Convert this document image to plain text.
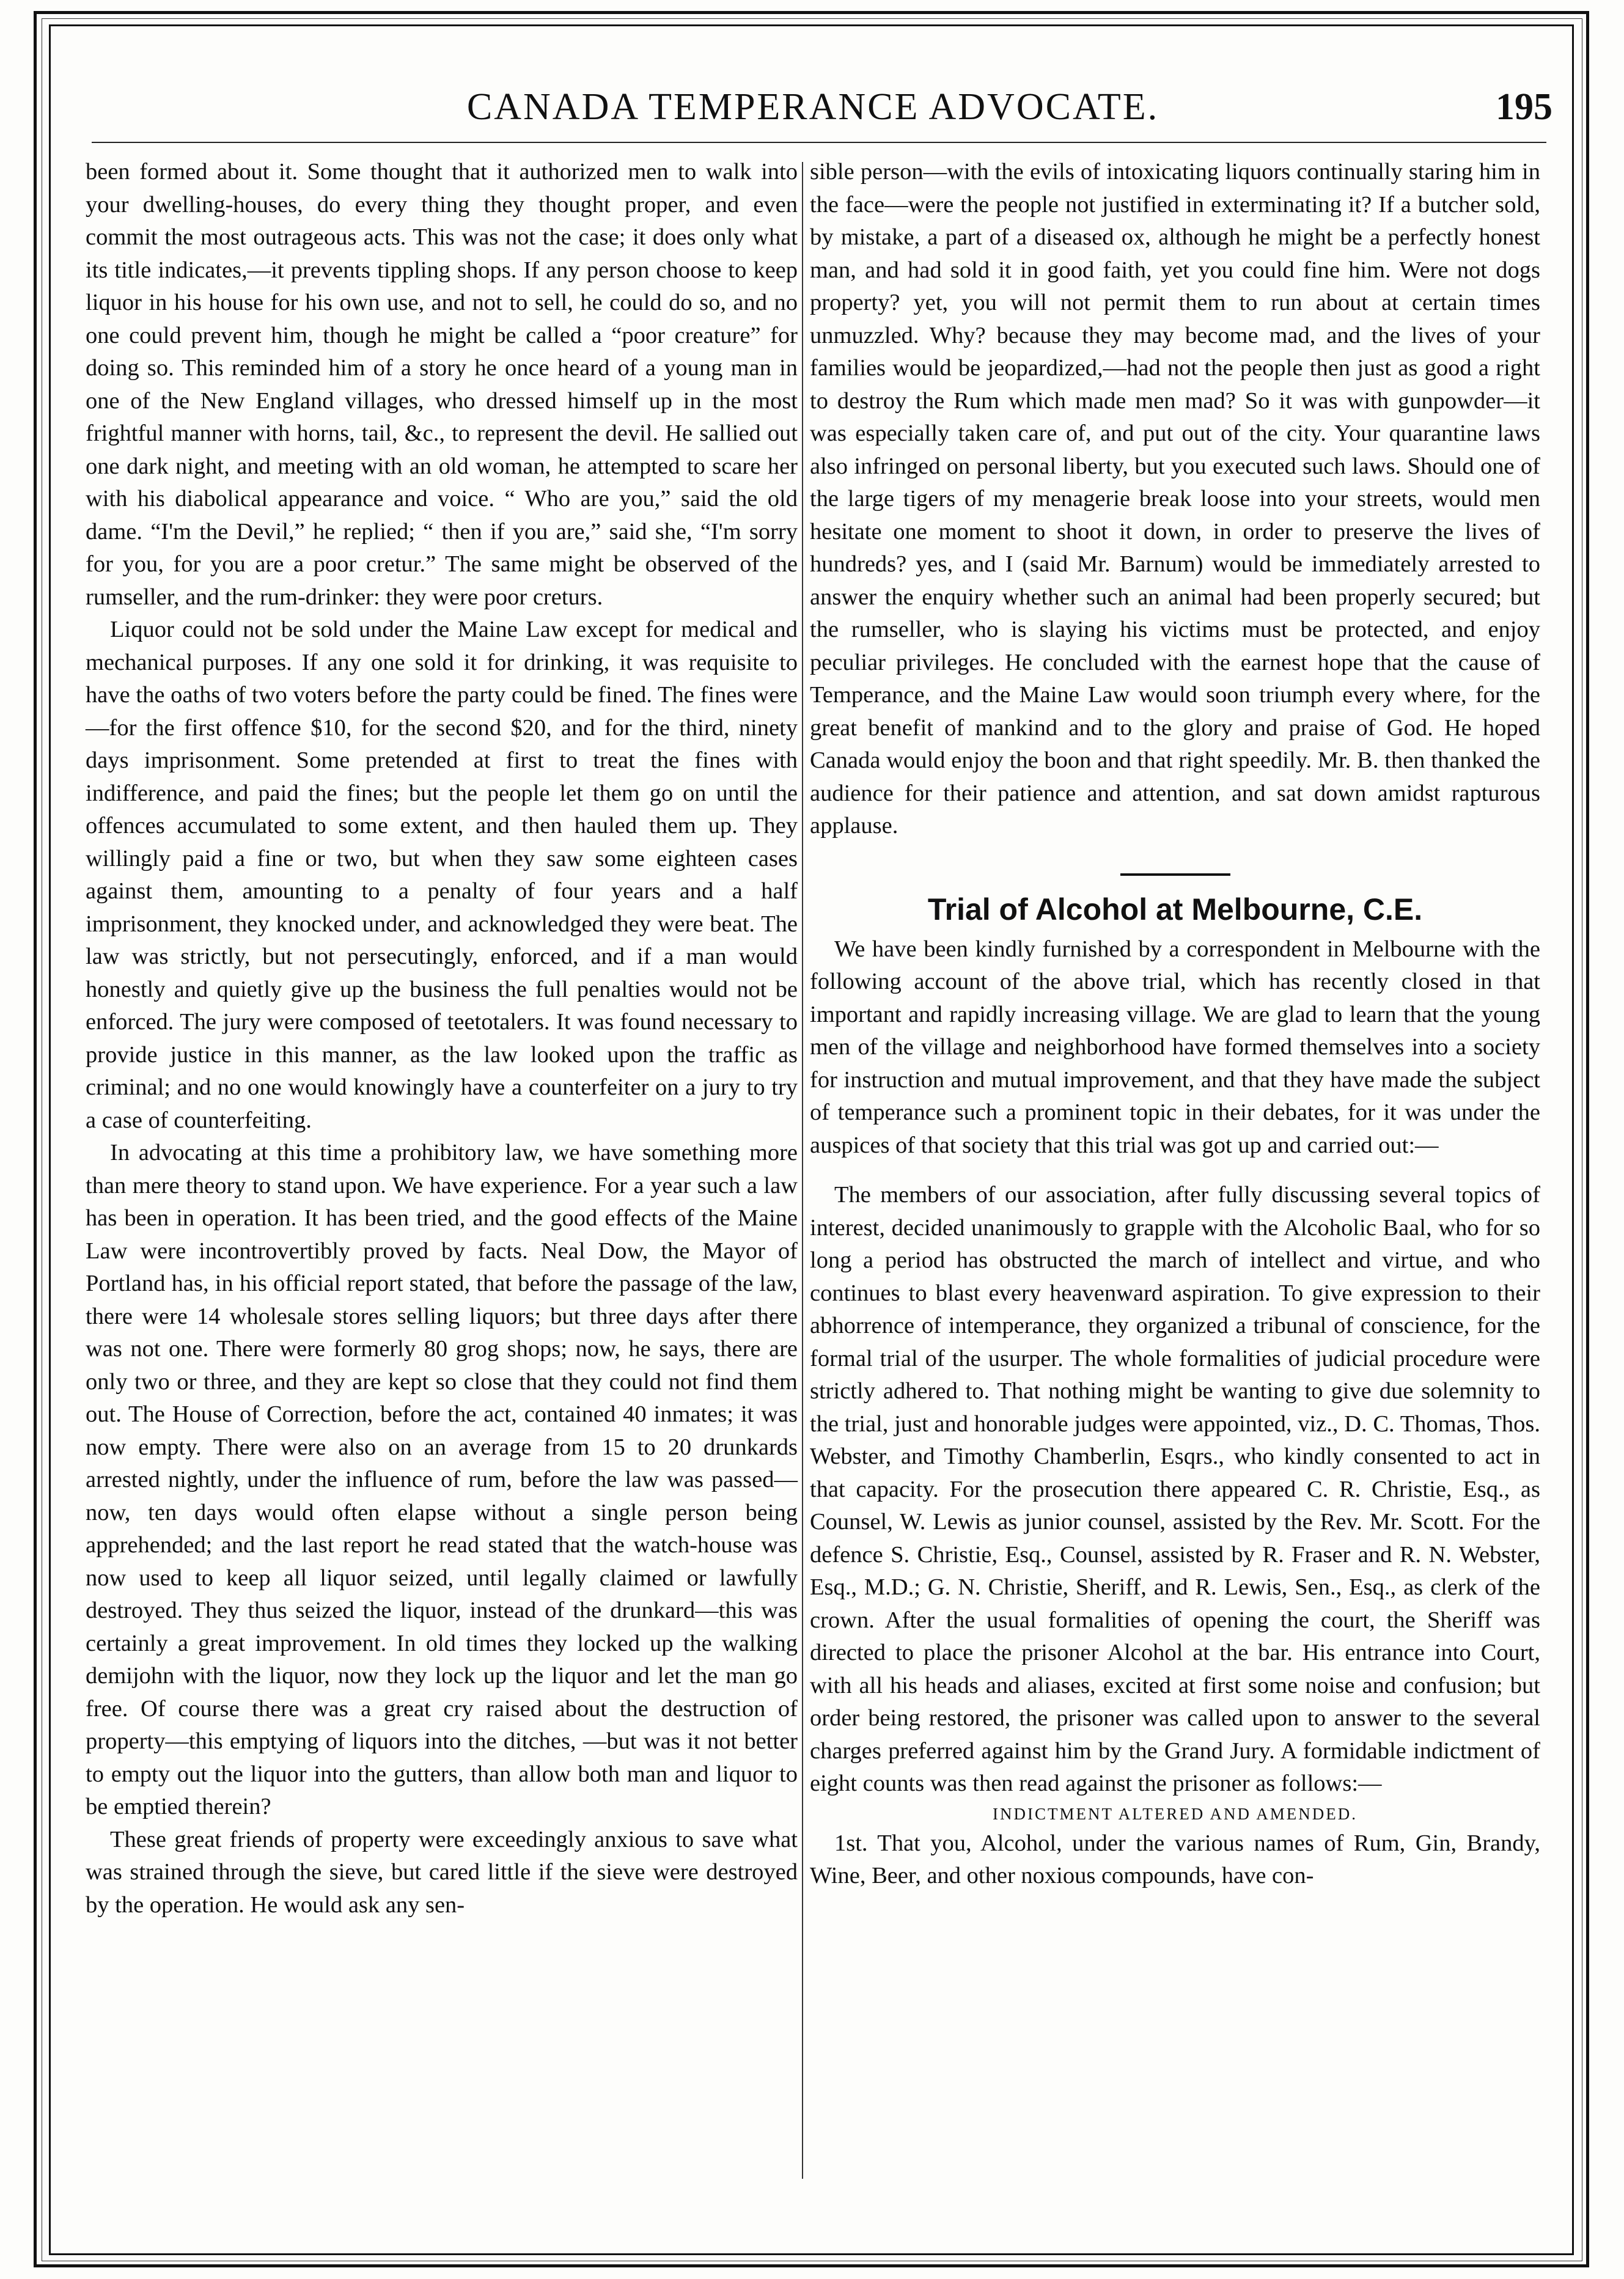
CANADA TEMPERANCE ADVOCATE.	195

been formed about it. Some thought that it authorized men to walk into your dwelling-houses, do every thing they thought proper, and even commit the most outrageous acts. This was not the case; it does only what its title indicates,—it prevents tippling shops. If any person choose to keep liquor in his house for his own use, and not to sell, he could do so, and no one could prevent him, though he might be called a “poor creature” for doing so. This reminded him of a story he once heard of a young man in one of the New England villages, who dressed himself up in the most frightful manner with horns, tail, &c., to represent the devil. He sallied out one dark night, and meeting with an old woman, he attempted to scare her with his diabolical appearance and voice. “ Who are you,” said the old dame. “I'm the Devil,” he replied; “ then if you are,” said she, “I'm sorry for you, for you are a poor cretur.” The same might be observed of the rumseller, and the rum-drinker: they were poor creturs.

Liquor could not be sold under the Maine Law except for medical and mechanical purposes. If any one sold it for drinking, it was requisite to have the oaths of two voters before the party could be fined. The fines were—for the first offence $10, for the second $20, and for the third, ninety days imprisonment. Some pretended at first to treat the fines with indifference, and paid the fines; but the people let them go on until the offences accumulated to some extent, and then hauled them up. They willingly paid a fine or two, but when they saw some eighteen cases against them, amounting to a penalty of four years and a half imprisonment, they knocked under, and acknowledged they were beat. The law was strictly, but not persecutingly, enforced, and if a man would honestly and quietly give up the business the full penalties would not be enforced. The jury were composed of teetotalers. It was found necessary to provide justice in this manner, as the law looked upon the traffic as criminal; and no one would knowingly have a counterfeiter on a jury to try a case of counterfeiting.

In advocating at this time a prohibitory law, we have something more than mere theory to stand upon. We have experience. For a year such a law has been in operation. It has been tried, and the good effects of the Maine Law were incontrovertibly proved by facts. Neal Dow, the Mayor of Portland has, in his official report stated, that before the passage of the law, there were 14 wholesale stores selling liquors; but three days after there was not one. There were formerly 80 grog shops; now, he says, there are only two or three, and they are kept so close that they could not find them out. The House of Correction, before the act, contained 40 inmates; it was now empty. There were also on an average from 15 to 20 drunkards arrested nightly, under the influence of rum, before the law was passed—now, ten days would often elapse without a single person being apprehended; and the last report he read stated that the watch-house was now used to keep all liquor seized, until legally claimed or lawfully destroyed. They thus seized the liquor, instead of the drunkard—this was certainly a great improvement. In old times they locked up the walking demijohn with the liquor, now they lock up the liquor and let the man go free. Of course there was a great cry raised about the destruction of property—this emptying of liquors into the ditches, —but was it not better to empty out the liquor into the gutters, than allow both man and liquor to be emptied therein?

These great friends of property were exceedingly anxious to save what was strained through the sieve, but cared little if the sieve were destroyed by the operation. He would ask any sen-

sible person—with the evils of intoxicating liquors continually staring him in the face—were the people not justified in exterminating it? If a butcher sold, by mistake, a part of a diseased ox, although he might be a perfectly honest man, and had sold it in good faith, yet you could fine him. Were not dogs property? yet, you will not permit them to run about at certain times unmuzzled. Why? because they may become mad, and the lives of your families would be jeopardized,—had not the people then just as good a right to destroy the Rum which made men mad? So it was with gunpowder—it was especially taken care of, and put out of the city. Your quarantine laws also infringed on personal liberty, but you executed such laws. Should one of the large tigers of my menagerie break loose into your streets, would men hesitate one moment to shoot it down, in order to preserve the lives of hundreds? yes, and I (said Mr. Barnum) would be immediately arrested to answer the enquiry whether such an animal had been properly secured; but the rumseller, who is slaying his victims must be protected, and enjoy peculiar privileges. He concluded with the earnest hope that the cause of Temperance, and the Maine Law would soon triumph every where, for the great benefit of mankind and to the glory and praise of God. He hoped Canada would enjoy the boon and that right speedily. Mr. B. then thanked the audience for their patience and attention, and sat down amidst rapturous applause.

Trial of Alcohol at Melbourne, C.E.

We have been kindly furnished by a correspondent in Melbourne with the following account of the above trial, which has recently closed in that important and rapidly increasing village. We are glad to learn that the young men of the village and neighborhood have formed themselves into a society for instruction and mutual improvement, and that they have made the subject of temperance such a prominent topic in their debates, for it was under the auspices of that society that this trial was got up and carried out:—

The members of our association, after fully discussing several topics of interest, decided unanimously to grapple with the Alcoholic Baal, who for so long a period has obstructed the march of intellect and virtue, and who continues to blast every heavenward aspiration. To give expression to their abhorrence of intemperance, they organized a tribunal of conscience, for the formal trial of the usurper. The whole formalities of judicial procedure were strictly adhered to. That nothing might be wanting to give due solemnity to the trial, just and honorable judges were appointed, viz., D. C. Thomas, Thos. Webster, and Timothy Chamberlin, Esqrs., who kindly consented to act in that capacity. For the prosecution there appeared C. R. Christie, Esq., as Counsel, W. Lewis as junior counsel, assisted by the Rev. Mr. Scott. For the defence S. Christie, Esq., Counsel, assisted by R. Fraser and R. N. Webster, Esq., M.D.; G. N. Christie, Sheriff, and R. Lewis, Sen., Esq., as clerk of the crown. After the usual formalities of opening the court, the Sheriff was directed to place the prisoner Alcohol at the bar. His entrance into Court, with all his heads and aliases, excited at first some noise and confusion; but order being restored, the prisoner was called upon to answer to the several charges preferred against him by the Grand Jury. A formidable indictment of eight counts was then read against the prisoner as follows:—

INDICTMENT ALTERED AND AMENDED.

1st. That you, Alcohol, under the various names of Rum, Gin, Brandy, Wine, Beer, and other noxious compounds, have con-
